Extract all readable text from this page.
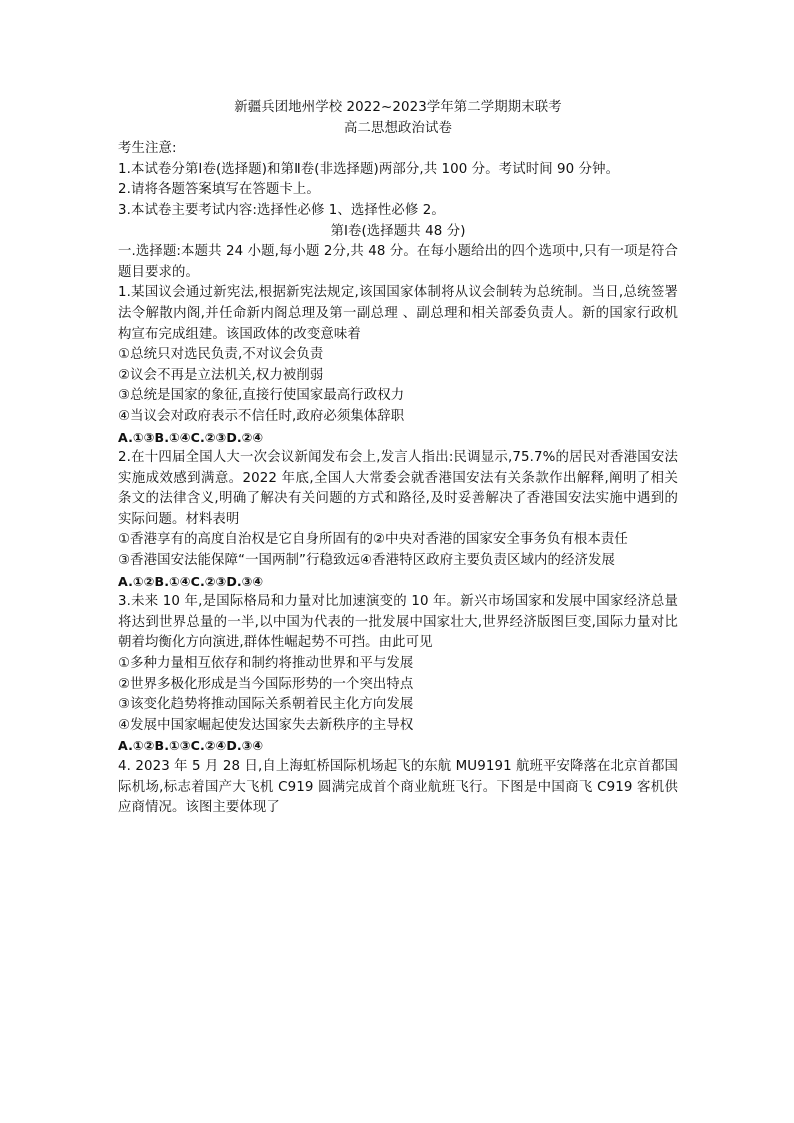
新疆兵团地州学校 2022~2023学年第二学期期末联考
高二思想政治试卷
考生注意:
1.本试卷分第Ⅰ卷(选择题)和第Ⅱ卷(非选择题)两部分,共 100 分。考试时间 90 分钟。
2.请将各题答案填写在答题卡上。
3.本试卷主要考试内容:选择性必修 1、选择性必修 2。
第Ⅰ卷(选择题共 48 分)
一.选择题:本题共 24 小题,每小题 2分,共 48 分。在每小题给出的四个选项中,只有一项是符合题目要求的。
1.某国议会通过新宪法,根据新宪法规定,该国国家体制将从议会制转为总统制。当日,总统签署法令解散内阁,并任命新内阁总理及第一副总理 、副总理和相关部委负责人。新的国家行政机构宣布完成组建。该国政体的改变意味着
①总统只对选民负责,不对议会负责
②议会不再是立法机关,权力被削弱
③总统是国家的象征,直接行使国家最高行政权力
④当议会对政府表示不信任时,政府必须集体辞职
A.①③B.①④C.②③D.②④
2.在十四届全国人大一次会议新闻发布会上,发言人指出:民调显示,75.7%的居民对香港国安法实施成效感到满意。2022 年底,全国人大常委会就香港国安法有关条款作出解释,阐明了相关条文的法律含义,明确了解决有关问题的方式和路径,及时妥善解决了香港国安法实施中遇到的实际问题。材料表明
①香港享有的高度自治权是它自身所固有的②中央对香港的国家安全事务负有根本责任
③香港国安法能保障“一国两制”行稳致远④香港特区政府主要负责区域内的经济发展
A.①②B.①④C.②③D.③④
3.未来 10 年,是国际格局和力量对比加速演变的 10 年。新兴市场国家和发展中国家经济总量将达到世界总量的一半,以中国为代表的一批发展中国家壮大,世界经济版图巨变,国际力量对比朝着均衡化方向演进,群体性崛起势不可挡。由此可见
①多种力量相互依存和制约将推动世界和平与发展
②世界多极化形成是当今国际形势的一个突出特点
③该变化趋势将推动国际关系朝着民主化方向发展
④发展中国家崛起使发达国家失去新秩序的主导权
A.①②B.①③C.②④D.③④
4. 2023 年 5 月 28 日,自上海虹桥国际机场起飞的东航 MU9191 航班平安降落在北京首都国际机场,标志着国产大飞机 C919 圆满完成首个商业航班飞行。下图是中国商飞 C919 客机供应商情况。该图主要体现了
